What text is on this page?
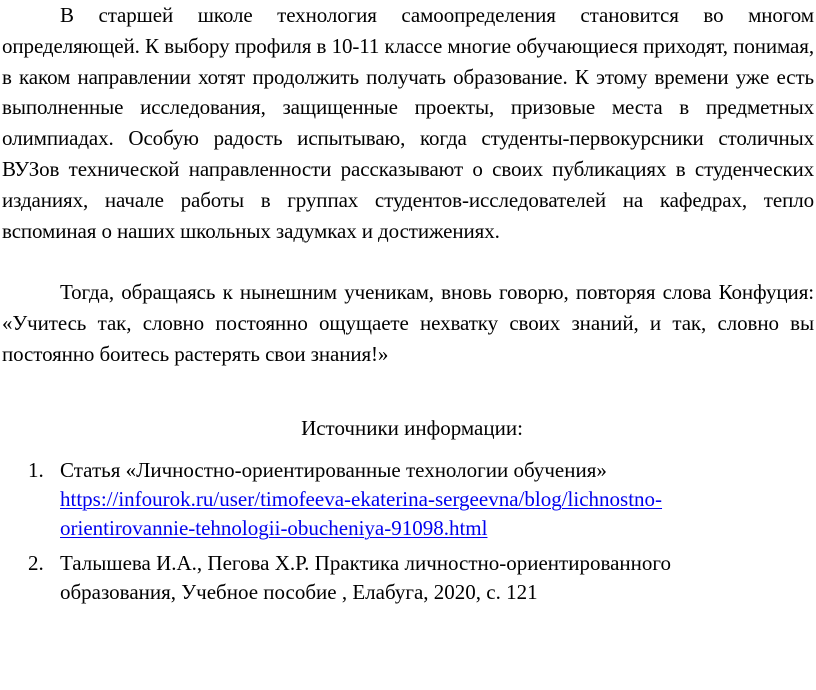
В старшей школе технология самоопределения становится во многом определяющей. К выбору профиля в 10-11 классе многие обучающиеся приходят, понимая, в каком направлении хотят продолжить получать образование. К этому времени уже есть выполненные исследования, защищенные проекты, призовые места в предметных олимпиадах. Особую радость испытываю, когда студенты-первокурсники столичных ВУЗов технической направленности рассказывают о своих публикациях в студенческих изданиях, начале работы в группах студентов-исследователей на кафедрах, тепло вспоминая о наших школьных задумках и достижениях.

Тогда, обращаясь к нынешним ученикам, вновь говорю, повторяя слова Конфуция: «Учитесь так, словно постоянно ощущаете нехватку своих знаний, и так, словно вы постоянно боитесь растерять свои знания!»

Источники информации:

1. Статья «Личностно-ориентированные технологии обучения»
https://infourok.ru/user/timofeeva-ekaterina-sergeevna/blog/lichnostno-
orientirovannie-tehnologii-obucheniya-91098.html
2. Талышева И.А., Пегова Х.Р. Практика личностно-ориентированного
образования, Учебное пособие , Елабуга, 2020, с. 121
